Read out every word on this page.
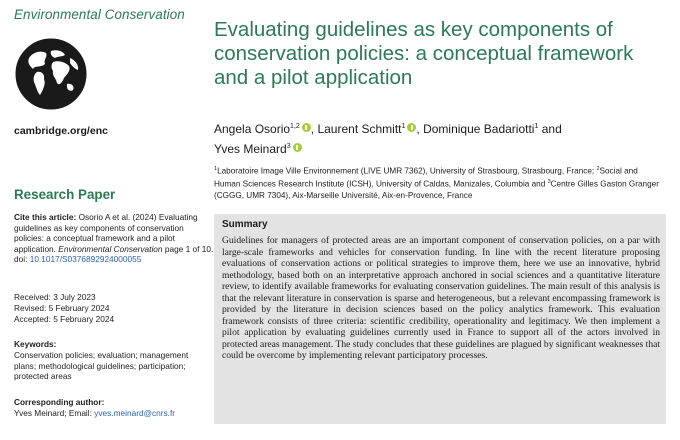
Environmental Conservation
cambridge.org/enc
Research Paper
Cite this article: Osorio A et al. (2024) Evaluating guidelines as key components of conservation policies: a conceptual framework and a pilot application. Environmental Conservation page 1 of 10. doi: 10.1017/S0376892924000055
Received: 3 July 2023
Revised: 5 February 2024
Accepted: 5 February 2024
Keywords:
Conservation policies; evaluation; management plans; methodological guidelines; participation; protected areas
Corresponding author:
Yves Meinard; Email: yves.meinard@cnrs.fr
Evaluating guidelines as key components of conservation policies: a conceptual framework and a pilot application
Angela Osorio$^{1,2}$ , Laurent Schmitt$^1$ , Dominique Badariotti$^1$ and
Yves Meinard$^3$
$^1$Laboratoire Image Ville Environnement (LIVE UMR 7362), University of Strasbourg, Strasbourg, France; $^2$Social and Human Sciences Research Institute (ICSH), University of Caldas, Manizales, Columbia and $^3$Centre Gilles Gaston Granger (CGGG, UMR 7304), Aix-Marseille Université, Aix-en-Provence, France
Summary
Guidelines for managers of protected areas are an important component of conservation policies, on a par with large-scale frameworks and vehicles for conservation funding. In line with the recent literature proposing evaluations of conservation actions or political strategies to improve them, here we use an innovative, hybrid methodology, based both on an interpretative approach anchored in social sciences and a quantitative literature review, to identify available frameworks for evaluating conservation guidelines. The main result of this analysis is that the relevant literature in conservation is sparse and heterogeneous, but a relevant encompassing framework is provided by the literature in decision sciences based on the policy analytics framework. This evaluation framework consists of three criteria: scientific credibility, operationality and legitimacy. We then implement a pilot application by evaluating guidelines currently used in France to support all of the actors involved in protected areas management. The study concludes that these guidelines are plagued by significant weaknesses that could be overcome by implementing relevant participatory processes.
